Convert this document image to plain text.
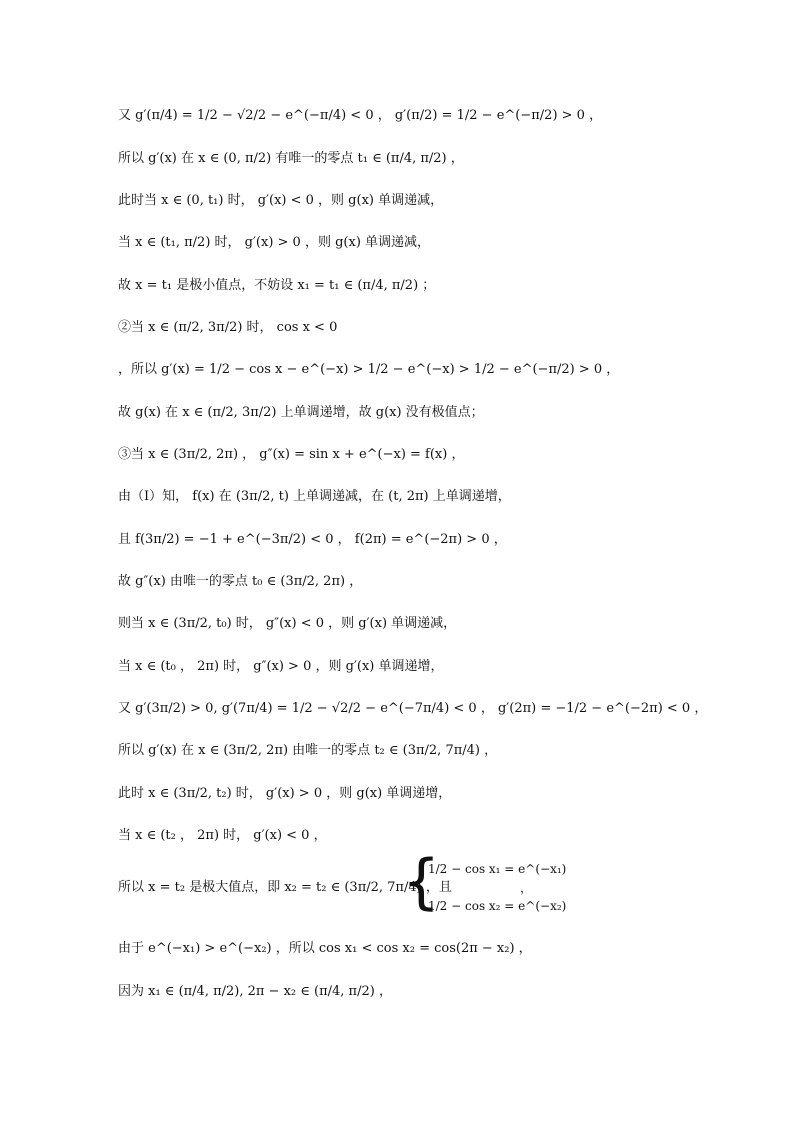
又 g′(π/4) = 1/2 − √2/2 − e^(−π/4) < 0 ， g′(π/2) = 1/2 − e^(−π/2) > 0 ，
所以 g′(x) 在 x ∈ (0, π/2) 有唯一的零点 t₁ ∈ (π/4, π/2) ，
此时当 x ∈ (0, t₁) 时， g′(x) < 0 ，则 g(x) 单调递减，
当 x ∈ (t₁, π/2) 时， g′(x) > 0 ，则 g(x) 单调递减，
故 x = t₁ 是极小值点，不妨设 x₁ = t₁ ∈ (π/4, π/2) ；
②当 x ∈ (π/2, 3π/2) 时， cos x < 0
，所以 g′(x) = 1/2 − cos x − e^(−x) > 1/2 − e^(−x) > 1/2 − e^(−π/2) > 0 ，
故 g(x) 在 x ∈ (π/2, 3π/2) 上单调递增，故 g(x) 没有极值点；
③当 x ∈ (3π/2, 2π) ， g″(x) = sin x + e^(−x) = f(x) ，
由（Ⅰ）知， f(x) 在 (3π/2, t) 上单调递减，在 (t, 2π) 上单调递增，
且 f(3π/2) = −1 + e^(−3π/2) < 0 ， f(2π) = e^(−2π) > 0 ，
故 g″(x) 由唯一的零点 t₀ ∈ (3π/2, 2π) ，
则当 x ∈ (3π/2, t₀) 时， g″(x) < 0 ，则 g′(x) 单调递减，
当 x ∈ (t₀ ， 2π) 时， g″(x) > 0 ，则 g′(x) 单调递增，
又 g′(3π/2) > 0, g′(7π/4) = 1/2 − √2/2 − e^(−7π/4) < 0 ， g′(2π) = −1/2 − e^(−2π) < 0 ，
所以 g′(x) 在 x ∈ (3π/2, 2π) 由唯一的零点 t₂ ∈ (3π/2, 7π/4) ，
此时 x ∈ (3π/2, t₂) 时， g′(x) > 0 ，则 g(x) 单调递增，
当 x ∈ (t₂ ， 2π) 时， g′(x) < 0 ，
所以 x = t₂ 是极大值点，即 x₂ = t₂ ∈ (3π/2, 7π/4) ，且
{
1/2 − cos x₁ = e^(−x₁)
1/2 − cos x₂ = e^(−x₂)
，
由于 e^(−x₁) > e^(−x₂) ，所以 cos x₁ < cos x₂ = cos(2π − x₂) ，
因为 x₁ ∈ (π/4, π/2), 2π − x₂ ∈ (π/4, π/2) ，
